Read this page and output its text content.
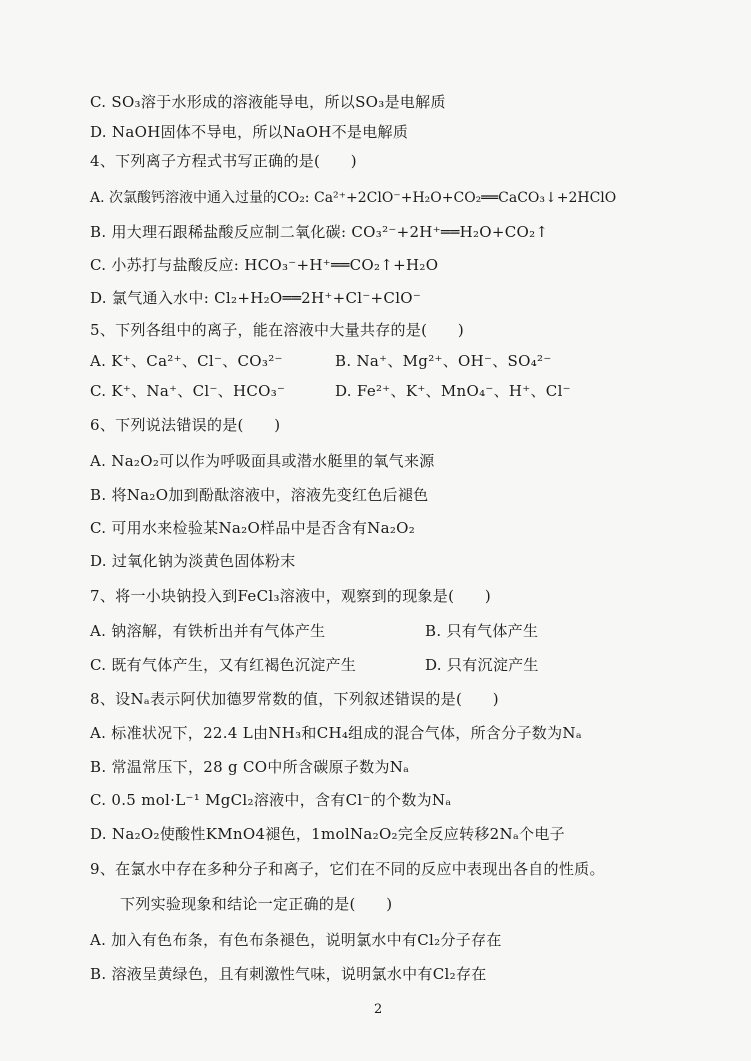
C. SO₃溶于水形成的溶液能导电，所以SO₃是电解质
D. NaOH固体不导电，所以NaOH不是电解质
4、下列离子方程式书写正确的是(　　)
A. 次氯酸钙溶液中通入过量的CO₂: Ca²⁺+2ClO⁻+H₂O+CO₂══CaCO₃↓+2HClO
B. 用大理石跟稀盐酸反应制二氧化碳: CO₃²⁻+2H⁺══H₂O+CO₂↑
C. 小苏打与盐酸反应: HCO₃⁻+H⁺══CO₂↑+H₂O
D. 氯气通入水中: Cl₂+H₂O══2H⁺+Cl⁻+ClO⁻
5、下列各组中的离子，能在溶液中大量共存的是(　　)
A. K⁺、Ca²⁺、Cl⁻、CO₃²⁻	B. Na⁺、Mg²⁺、OH⁻、SO₄²⁻
C. K⁺、Na⁺、Cl⁻、HCO₃⁻	D. Fe²⁺、K⁺、MnO₄⁻、H⁺、Cl⁻
6、下列说法错误的是(　　)
A. Na₂O₂可以作为呼吸面具或潜水艇里的氧气来源
B. 将Na₂O加到酚酞溶液中，溶液先变红色后褪色
C. 可用水来检验某Na₂O样品中是否含有Na₂O₂
D. 过氧化钠为淡黄色固体粉末
7、将一小块钠投入到FeCl₃溶液中，观察到的现象是(　　)
A. 钠溶解，有铁析出并有气体产生	B. 只有气体产生
C. 既有气体产生，又有红褐色沉淀产生	D. 只有沉淀产生
8、设Nₐ表示阿伏加德罗常数的值，下列叙述错误的是(　　)
A. 标准状况下，22.4 L由NH₃和CH₄组成的混合气体，所含分子数为Nₐ
B. 常温常压下，28 g CO中所含碳原子数为Nₐ
C. 0.5 mol·L⁻¹ MgCl₂溶液中，含有Cl⁻的个数为Nₐ
D. Na₂O₂使酸性KMnO4褪色，1molNa₂O₂完全反应转移2Nₐ个电子
9、在氯水中存在多种分子和离子，它们在不同的反应中表现出各自的性质。
下列实验现象和结论一定正确的是(　　)
A. 加入有色布条，有色布条褪色，说明氯水中有Cl₂分子存在
B. 溶液呈黄绿色，且有刺激性气味，说明氯水中有Cl₂存在
2
